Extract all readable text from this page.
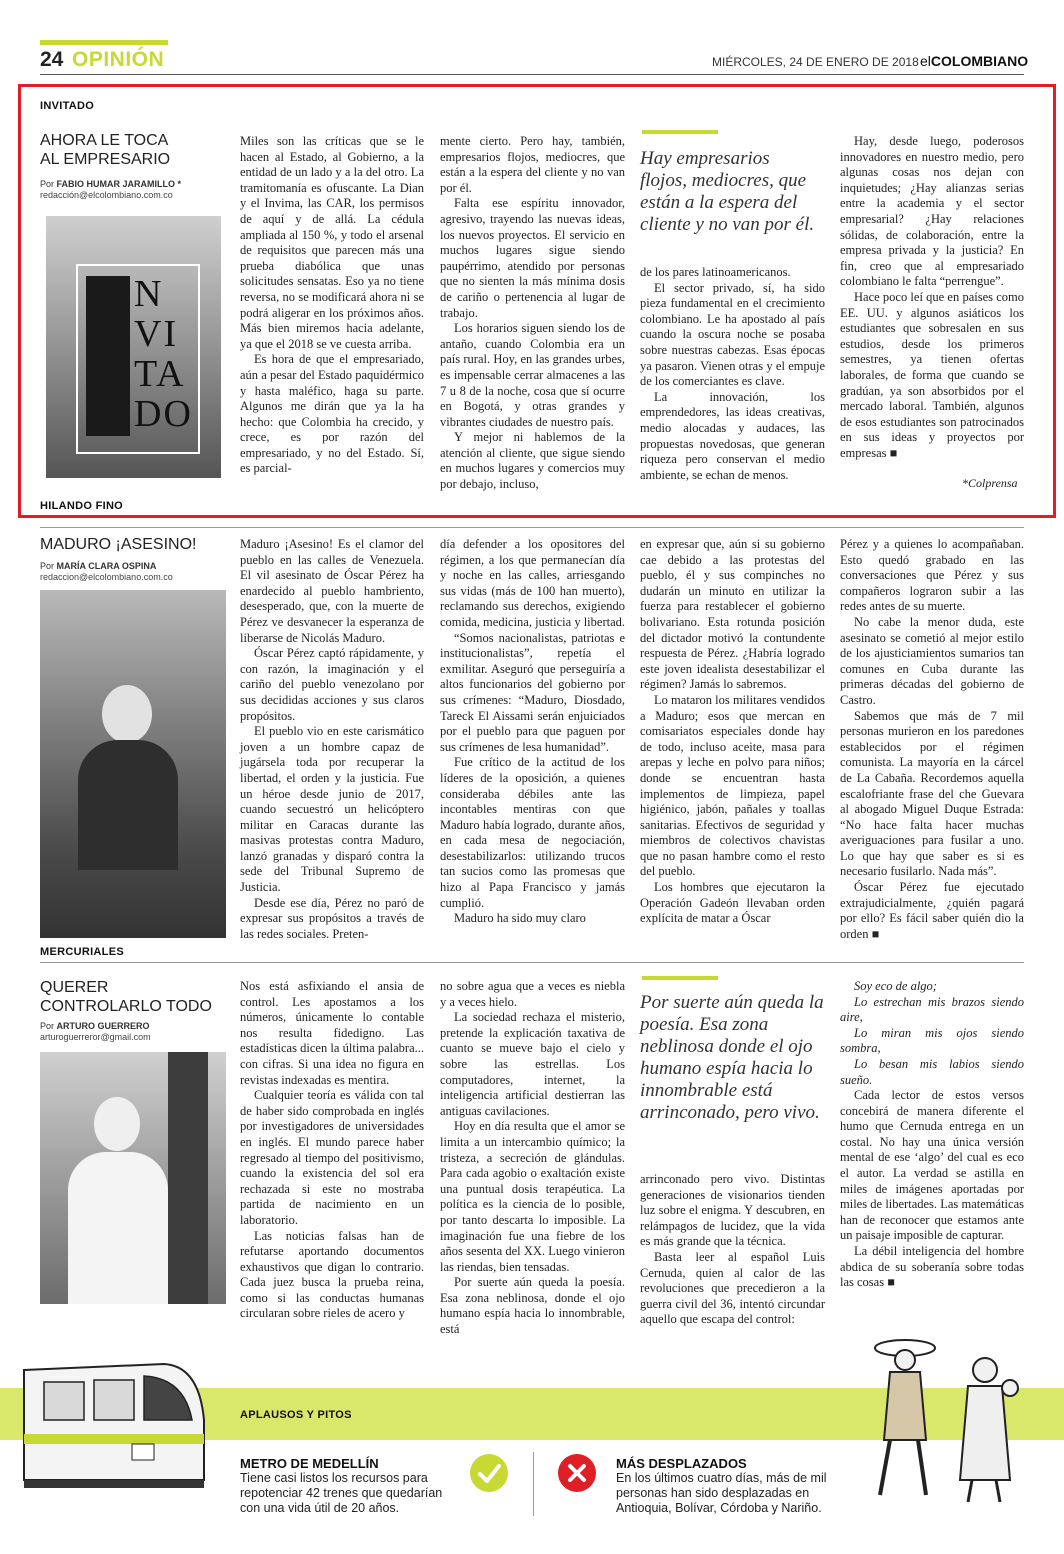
24 OPINIÓN	MIÉRCOLES, 24 DE ENERO DE 2018 elCOLOMBIANO
INVITADO
AHORA LE TOCA AL EMPRESARIO
Por FABIO HUMAR JARAMILLO *
redacción@elcolombiano.com.co
N
VI
TA
DO

Miles son las críticas que se le hacen al Estado, al Gobierno, a la entidad de un lado y a la del otro. La tramitomanía es ofuscante. La Dian y el Invima, las CAR, los permisos de aquí y de allá. La cédula ampliada al 150 %, y todo el arsenal de requisitos que parecen más una prueba diabólica que unas solicitudes sensatas. Eso ya no tiene reversa, no se modificará ahora ni se podrá aligerar en los próximos años. Más bien miremos hacia adelante, ya que el 2018 se ve cuesta arriba.

Es hora de que el empresariado, aún a pesar del Estado paquidérmico y hasta maléfico, haga su parte. Algunos me dirán que ya la ha hecho: que Colombia ha crecido, y crece, es por razón del empresariado, y no del Estado. Sí, es parcial-

mente cierto. Pero hay, también, empresarios flojos, mediocres, que están a la espera del cliente y no van por él.

Falta ese espíritu innovador, agresivo, trayendo las nuevas ideas, los nuevos proyectos. El servicio en muchos lugares sigue siendo paupérrimo, atendido por personas que no sienten la más mínima dosis de cariño o pertenencia al lugar de trabajo.

Los horarios siguen siendo los de antaño, cuando Colombia era un país rural. Hoy, en las grandes urbes, es impensable cerrar almacenes a las 7 u 8 de la noche, cosa que sí ocurre en Bogotá, y otras grandes y vibrantes ciudades de nuestro país.

Y mejor ni hablemos de la atención al cliente, que sigue siendo en muchos lugares y comercios muy por debajo, incluso,

Hay empresarios flojos, mediocres, que están a la espera del cliente y no van por él.

de los pares latinoamericanos.

El sector privado, sí, ha sido pieza fundamental en el crecimiento colombiano. Le ha apostado al país cuando la oscura noche se posaba sobre nuestras cabezas. Esas épocas ya pasaron. Vienen otras y el empuje de los comerciantes es clave.

La innovación, los emprendedores, las ideas creativas, medio alocadas y audaces, las propuestas novedosas, que generan riqueza pero conservan el medio ambiente, se echan de menos.

Hay, desde luego, poderosos innovadores en nuestro medio, pero algunas cosas nos dejan con inquietudes; ¿Hay alianzas serias entre la academia y el sector empresarial? ¿Hay relaciones sólidas, de colaboración, entre la empresa privada y la justicia? En fin, creo que al empresariado colombiano le falta “perrengue”.

Hace poco leí que en países como EE. UU. y algunos asiáticos los estudiantes que sobresalen en sus estudios, desde los primeros semestres, ya tienen ofertas laborales, de forma que cuando se gradúan, ya son absorbidos por el mercado laboral. También, algunos de esos estudiantes son patrocinados en sus ideas y proyectos por empresas ■

*Colprensa
HILANDO FINO
MADURO ¡ASESINO!
Por MARÍA CLARA OSPINA
redaccion@elcolombiano.com.co

Maduro ¡Asesino! Es el clamor del pueblo en las calles de Venezuela. El vil asesinato de Óscar Pérez ha enardecido al pueblo hambriento, desesperado, que, con la muerte de Pérez ve desvanecer la esperanza de liberarse de Nicolás Maduro.

Óscar Pérez captó rápidamente, y con razón, la imaginación y el cariño del pueblo venezolano por sus decididas acciones y sus claros propósitos.

El pueblo vio en este carismático joven a un hombre capaz de jugársela toda por recuperar la libertad, el orden y la justicia. Fue un héroe desde junio de 2017, cuando secuestró un helicóptero militar en Caracas durante las masivas protestas contra Maduro, lanzó granadas y disparó contra la sede del Tribunal Supremo de Justicia.

Desde ese día, Pérez no paró de expresar sus propósitos a través de las redes sociales. Preten-

día defender a los opositores del régimen, a los que permanecían día y noche en las calles, arriesgando sus vidas (más de 100 han muerto), reclamando sus derechos, exigiendo comida, medicina, justicia y libertad.

“Somos nacionalistas, patriotas e institucionalistas”, repetía el exmilitar. Aseguró que perseguiría a altos funcionarios del gobierno por sus crímenes: “Maduro, Diosdado, Tareck El Aissami serán enjuiciados por el pueblo para que paguen por sus crímenes de lesa humanidad”.

Fue crítico de la actitud de los líderes de la oposición, a quienes consideraba débiles ante las incontables mentiras con que Maduro había logrado, durante años, en cada mesa de negociación, desestabilizarlos: utilizando trucos tan sucios como las promesas que hizo al Papa Francisco y jamás cumplió.

Maduro ha sido muy claro

en expresar que, aún si su gobierno cae debido a las protestas del pueblo, él y sus compinches no dudarán un minuto en utilizar la fuerza para restablecer el gobierno bolivariano. Esta rotunda posición del dictador motivó la contundente respuesta de Pérez. ¿Habría logrado este joven idealista desestabilizar el régimen? Jamás lo sabremos.

Lo mataron los militares vendidos a Maduro; esos que mercan en comisariatos especiales donde hay de todo, incluso aceite, masa para arepas y leche en polvo para niños; donde se encuentran hasta implementos de limpieza, papel higiénico, jabón, pañales y toallas sanitarias. Efectivos de seguridad y miembros de colectivos chavistas que no pasan hambre como el resto del pueblo.

Los hombres que ejecutaron la Operación Gadeón llevaban orden explícita de matar a Óscar

Pérez y a quienes lo acompañaban. Esto quedó grabado en las conversaciones que Pérez y sus compañeros lograron subir a las redes antes de su muerte.

No cabe la menor duda, este asesinato se cometió al mejor estilo de los ajusticiamientos sumarios tan comunes en Cuba durante las primeras décadas del gobierno de Castro.

Sabemos que más de 7 mil personas murieron en los paredones establecidos por el régimen comunista. La mayoría en la cárcel de La Cabaña. Recordemos aquella escalofriante frase del che Guevara al abogado Miguel Duque Estrada: “No hace falta hacer muchas averiguaciones para fusilar a uno. Lo que hay que saber es si es necesario fusilarlo. Nada más”.

Óscar Pérez fue ejecutado extrajudicialmente, ¿quién pagará por ello? Es fácil saber quién dio la orden ■

MERCURIALES
QUERER CONTROLARLO TODO
Por ARTURO GUERRERO
arturoguerreror@gmail.com

Nos está asfixiando el ansia de control. Les apostamos a los números, únicamente lo contable nos resulta fidedigno. Las estadísticas dicen la última palabra... con cifras. Si una idea no figura en revistas indexadas es mentira.

Cualquier teoría es válida con tal de haber sido comprobada en inglés por investigadores de universidades en inglés. El mundo parece haber regresado al tiempo del positivismo, cuando la existencia del sol era rechazada si este no mostraba partida de nacimiento en un laboratorio.

Las noticias falsas han de refutarse aportando documentos exhaustivos que digan lo contrario. Cada juez busca la prueba reina, como si las conductas humanas circularan sobre rieles de acero y

no sobre agua que a veces es niebla y a veces hielo.

La sociedad rechaza el misterio, pretende la explicación taxativa de cuanto se mueve bajo el cielo y sobre las estrellas. Los computadores, internet, la inteligencia artificial destierran las antiguas cavilaciones.

Hoy en día resulta que el amor se limita a un intercambio químico; la tristeza, a secreción de glándulas. Para cada agobio o exaltación existe una puntual dosis terapéutica. La política es la ciencia de lo posible, por tanto descarta lo imposible. La imaginación fue una fiebre de los años sesenta del XX. Luego vinieron las riendas, bien tensadas.

Por suerte aún queda la poesía. Esa zona neblinosa, donde el ojo humano espía hacia lo innombrable, está

Por suerte aún queda la poesía. Esa zona neblinosa donde el ojo humano espía hacia lo innombrable está arrinconado, pero vivo.

arrinconado pero vivo. Distintas generaciones de visionarios tienden luz sobre el enigma. Y descubren, en relámpagos de lucidez, que la vida es más grande que la técnica.

Basta leer al español Luis Cernuda, quien al calor de las revoluciones que precedieron a la guerra civil del 36, intentó circundar aquello que escapa del control:

Soy eco de algo;

Lo estrechan mis brazos siendo aire,

Lo miran mis ojos siendo sombra,

Lo besan mis labios siendo sueño.

Cada lector de estos versos concebirá de manera diferente el humo que Cernuda entrega en un costal. No hay una única versión mental de ese ‘algo’ del cual es eco el autor. La verdad se astilla en miles de imágenes aportadas por miles de libertades. Las matemáticas han de reconocer que estamos ante un paisaje imposible de capturar.

La débil inteligencia del hombre abdica de su soberanía sobre todas las cosas ■

APLAUSOS Y PITOS
METRO DE MEDELLÍN
Tiene casi listos los recursos para repotenciar 42 trenes que quedarían con una vida útil de 20 años.
MÁS DESPLAZADOS
En los últimos cuatro días, más de mil personas han sido desplazadas en Antioquia, Bolívar, Córdoba y Nariño.
